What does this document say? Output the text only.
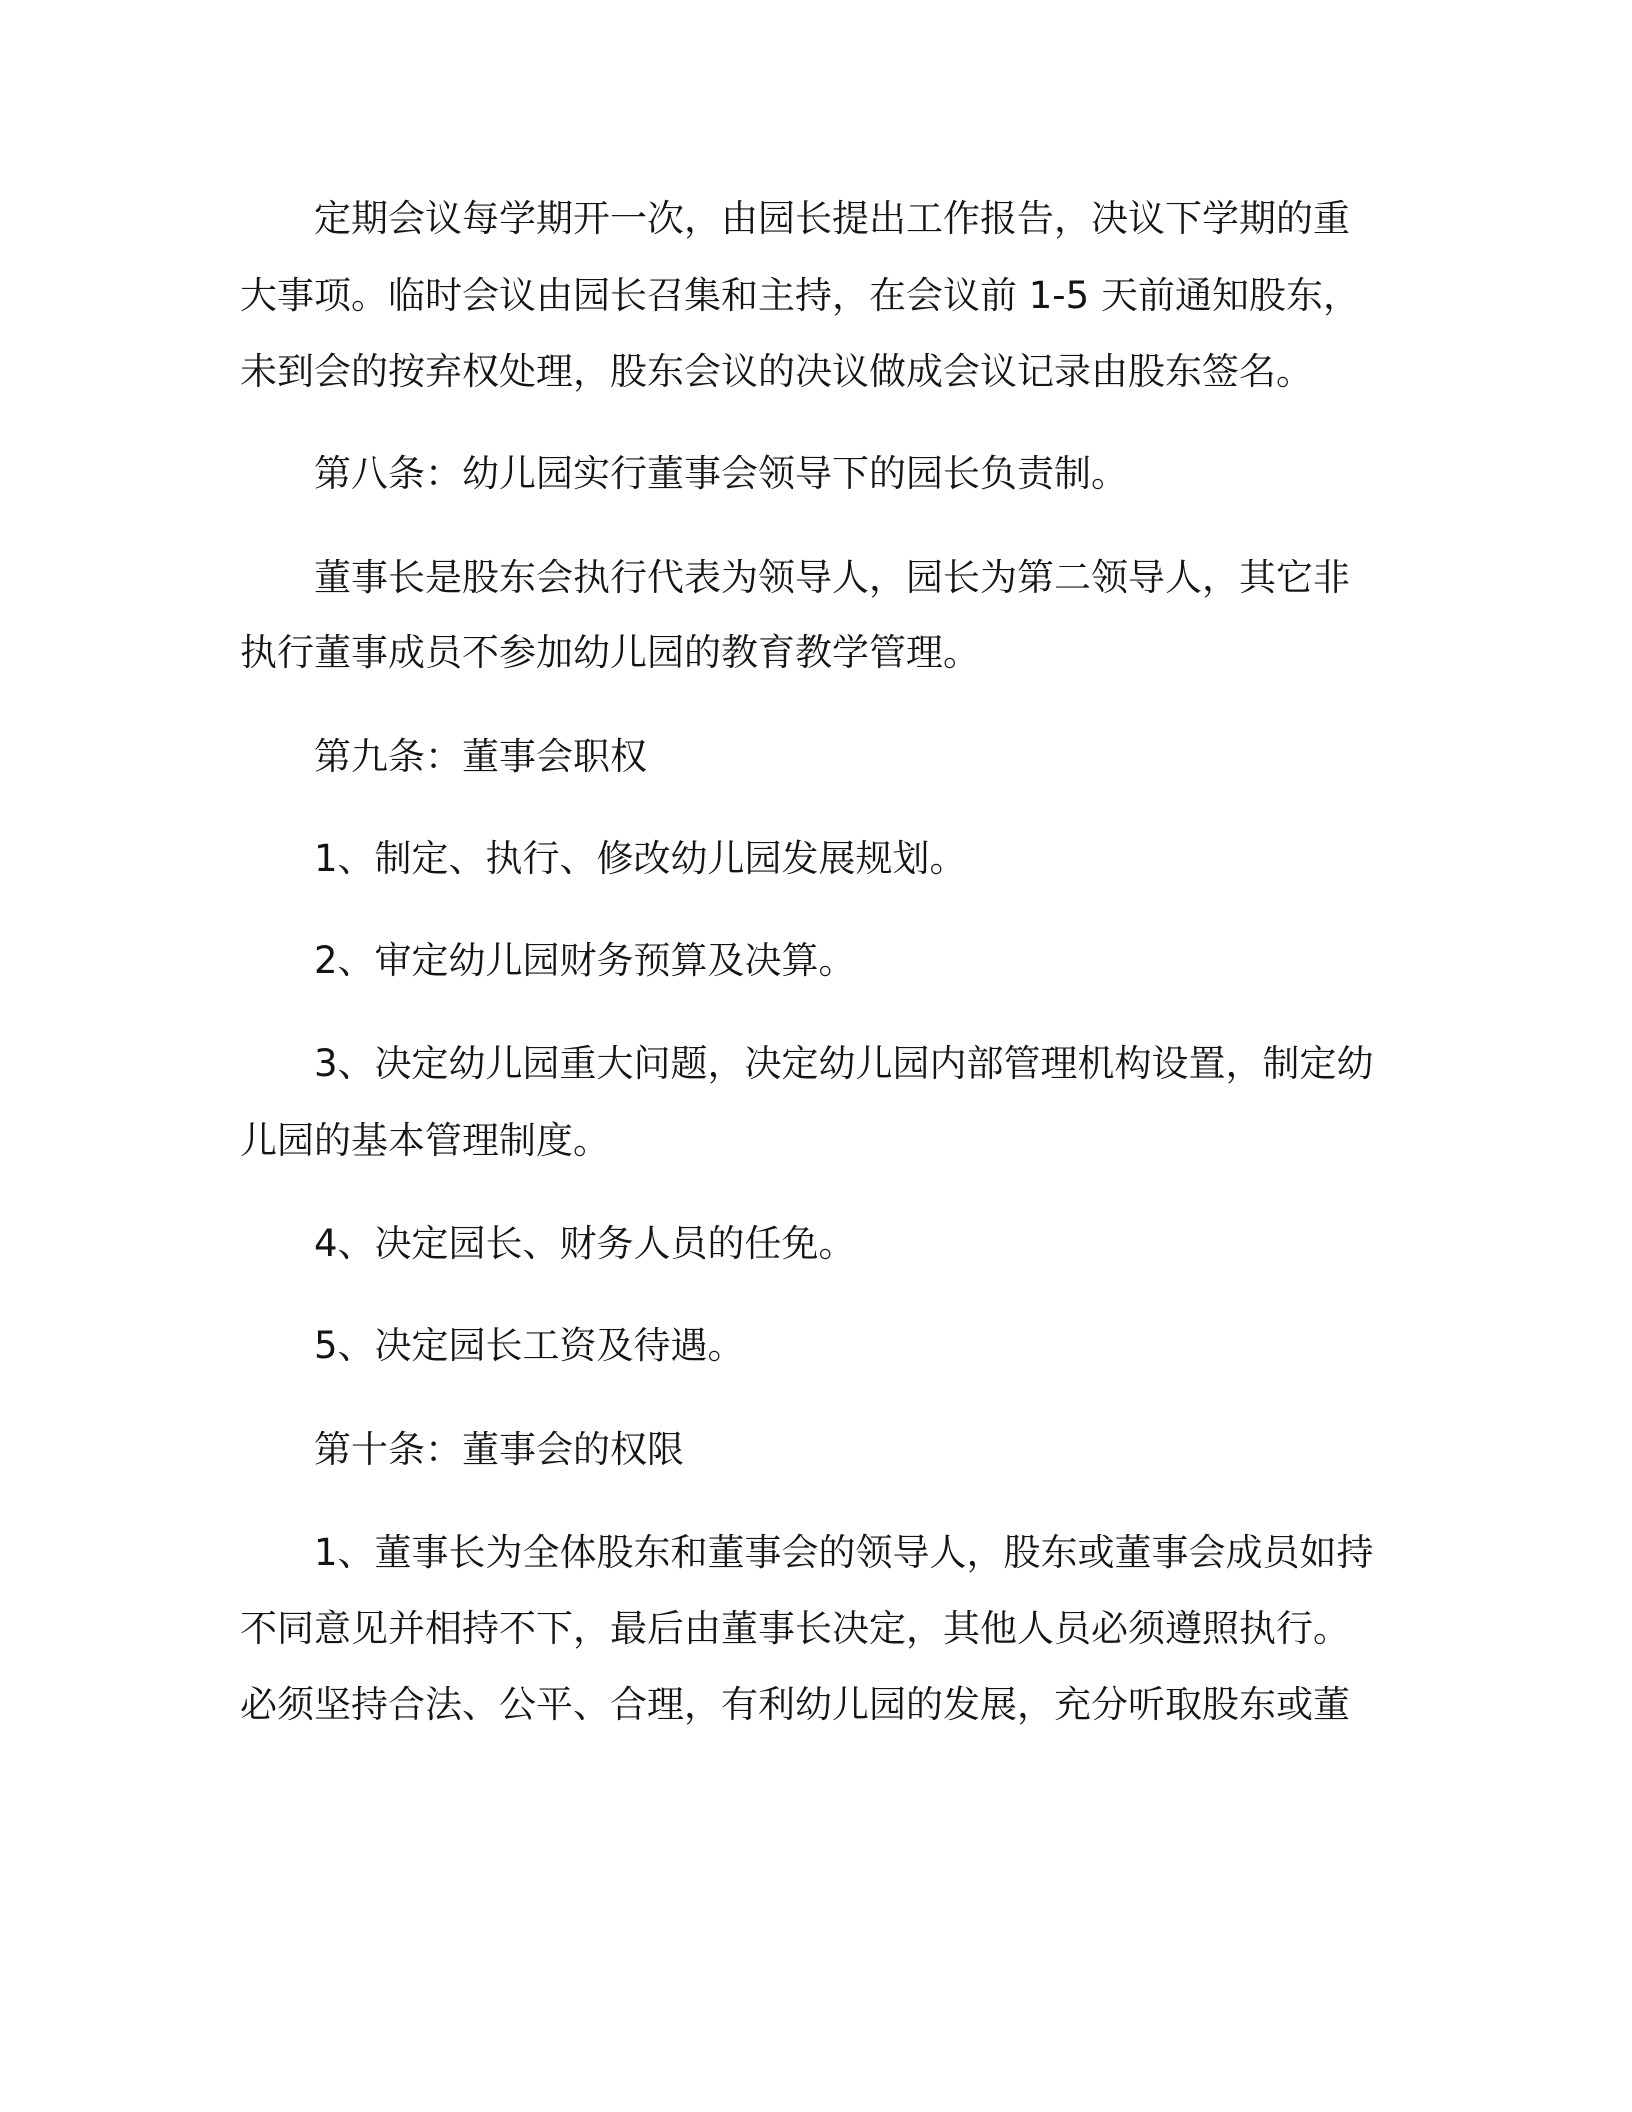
定期会议每学期开一次，由园长提出工作报告，决议下学期的重
大事项。临时会议由园长召集和主持，在会议前 1-5 天前通知股东，
未到会的按弃权处理，股东会议的决议做成会议记录由股东签名。
第八条：幼儿园实行董事会领导下的园长负责制。
董事长是股东会执行代表为领导人，园长为第二领导人，其它非
执行董事成员不参加幼儿园的教育教学管理。
第九条：董事会职权
1、制定、执行、修改幼儿园发展规划。
2、审定幼儿园财务预算及决算。
3、决定幼儿园重大问题，决定幼儿园内部管理机构设置，制定幼
儿园的基本管理制度。
4、决定园长、财务人员的任免。
5、决定园长工资及待遇。
第十条：董事会的权限
1、董事长为全体股东和董事会的领导人，股东或董事会成员如持
不同意见并相持不下，最后由董事长决定，其他人员必须遵照执行。
必须坚持合法、公平、合理，有利幼儿园的发展，充分听取股东或董
